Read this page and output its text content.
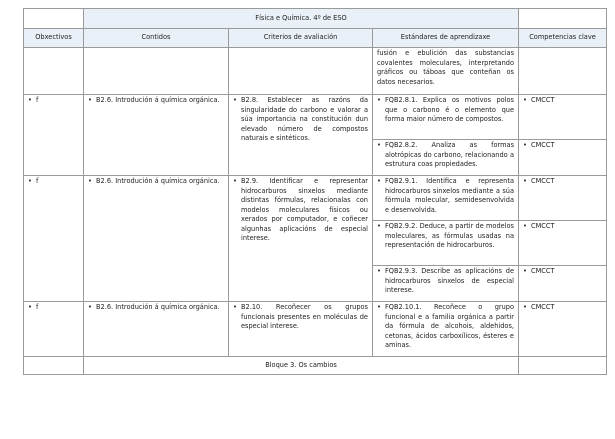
	Física e Química. 4º de ESO			
Obxectivos	Contidos	Criterios de avaliación	Estándares de aprendizaxe	Competencias clave
			fusión e ebulición das substancias covalentes moleculares, interpretando gráficos ou táboas que conteñan os datos necesarios.	

• f	• B2.6. Introdución á química orgánica.	• B2.8. Establecer as razóns da singularidade do carbono e valorar a súa importancia na constitución dun elevado número de compostos naturais e sintéticos.	• FQB2.8.1. Explica os motivos polos que o carbono é o elemento que forma maior número de compostos.	• CMCCT

			• FQB2.8.2. Analiza as formas alotrópicas do carbono, relacionando a estrutura coas propiedades.	• CMCCT

• f	• B2.6. Introdución á química orgánica.	• B2.9. Identificar e representar hidrocarburos sinxelos mediante distintas fórmulas, relacionalas con modelos moleculares físicos ou xerados por computador, e coñecer algunhas aplicacións de especial interese.	• FQB2.9.1. Identifica e representa hidrocarburos sinxelos mediante a súa fórmula molecular, semidesenvolvida e desenvolvida.	• CMCCT

			• FQB2.9.2. Deduce, a partir de modelos moleculares, as fórmulas usadas na representación de hidrocarburos.	• CMCCT

			• FQB2.9.3. Describe as aplicacións de hidrocarburos sinxelos de especial interese.	• CMCCT

• f	• B2.6. Introdución á química orgánica.	• B2.10. Recoñecer os grupos funcionais presentes en moléculas de especial interese.	• FQB2.10.1. Recoñece o grupo funcional e a familia orgánica a partir da fórmula de alcohois, aldehidos, cetonas, ácidos carboxílicos, ésteres e aminas.	• CMCCT

	Bloque 3. Os cambios			
